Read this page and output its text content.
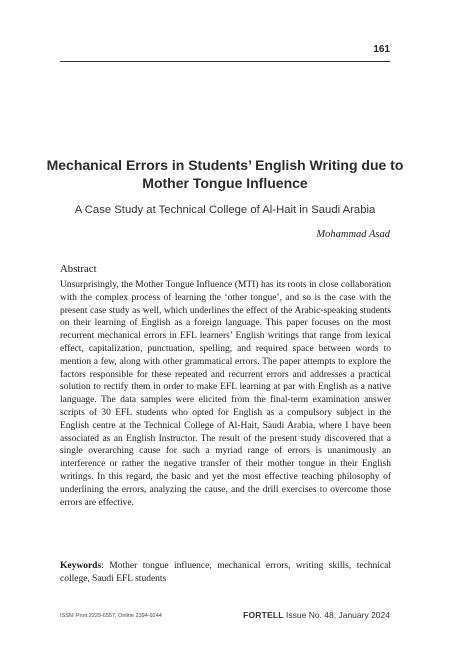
161
Mechanical Errors in Students’ English Writing due to Mother Tongue Influence
A Case Study at Technical College of Al-Hait in Saudi Arabia
Mohammad Asad
Abstract

Unsurprisingly, the Mother Tongue Influence (MTI) has its roots in close collaboration with the complex process of learning the ‘other tongue’, and so is the case with the present case study as well, which underlines the effect of the Arabic-speaking students on their learning of English as a foreign language. This paper focuses on the most recurrent mechanical errors in EFL learners’ English writings that range from lexical effect, capitalization, punctuation, spelling, and required space between words to mention a few, along with other grammatical errors. The paper attempts to explore the factors responsible for these repeated and recurrent errors and addresses a practical solution to rectify them in order to make EFL learning at par with English as a native language. The data samples were elicited from the final-term examination answer scripts of 30 EFL students who opted for English as a compulsory subject in the English centre at the Technical College of Al-Hait, Saudi Arabia, where I have been associated as an English Instructor. The result of the present study discovered that a single overarching cause for such a myriad range of errors is unanimously an interference or rather the negative transfer of their mother tongue in their English writings. In this regard, the basic and yet the most effective teaching philosophy of underlining the errors, analyzing the cause, and the drill exercises to overcome those errors are effective.

Keywords: Mother tongue influence, mechanical errors, writing skills, technical college, Saudi EFL students

ISSN: Print 2229-6557, Online 2394-9244	FORTELL Issue No. 48, January 2024
